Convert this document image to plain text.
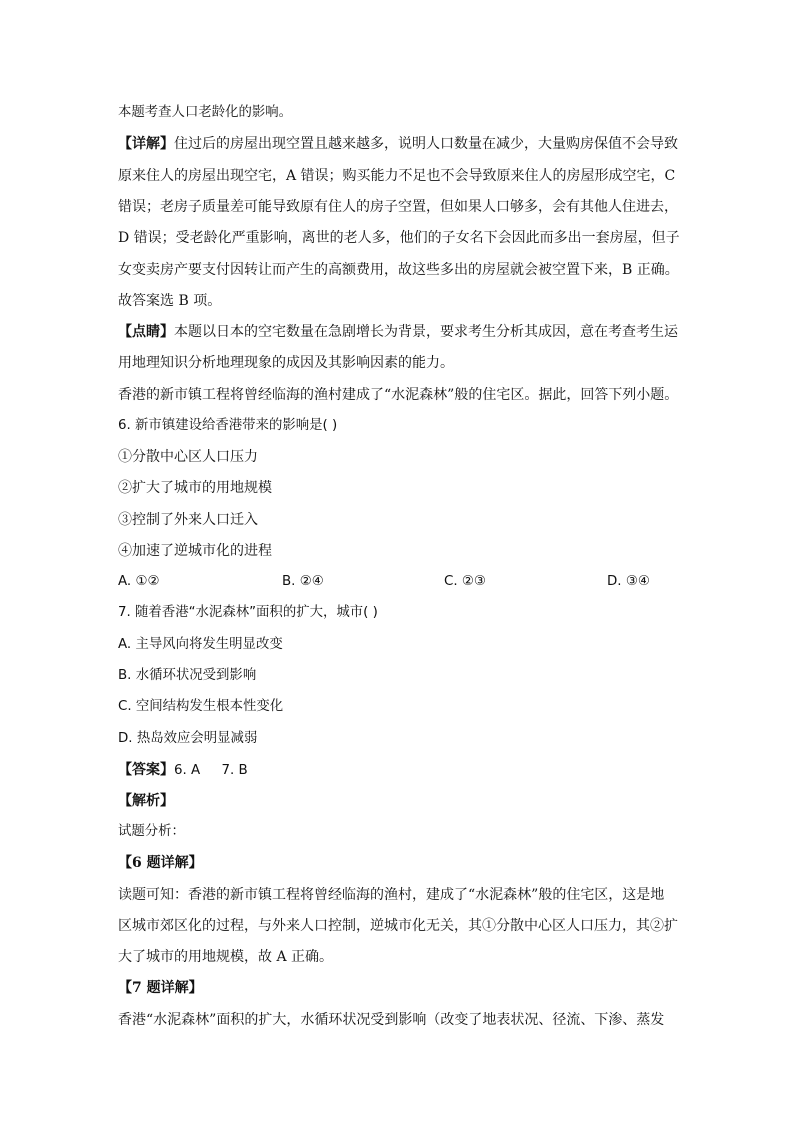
本题考查人口老龄化的影响。
【详解】住过后的房屋出现空置且越来越多，说明人口数量在减少，大量购房保值不会导致
原来住人的房屋出现空宅，A 错误；购买能力不足也不会导致原来住人的房屋形成空宅，C
错误；老房子质量差可能导致原有住人的房子空置，但如果人口够多，会有其他人住进去，
D 错误；受老龄化严重影响，离世的老人多，他们的子女名下会因此而多出一套房屋，但子
女变卖房产要支付因转让而产生的高额费用，故这些多出的房屋就会被空置下来，B 正确。
故答案选 B 项。
【点睛】本题以日本的空宅数量在急剧增长为背景，要求考生分析其成因，意在考查考生运
用地理知识分析地理现象的成因及其影响因素的能力。
香港的新市镇工程将曾经临海的渔村建成了“水泥森林”般的住宅区。据此，回答下列小题。
6. 新市镇建设给香港带来的影响是( )
①分散中心区人口压力
②扩大了城市的用地规模
③控制了外来人口迁入
④加速了逆城市化的进程
A. ①②	B. ②④	C. ②③	D. ③④
7. 随着香港“水泥森林”面积的扩大，城市( )
A. 主导风向将发生明显改变
B. 水循环状况受到影响
C. 空间结构发生根本性变化
D. 热岛效应会明显减弱
【答案】6. A     7. B
【解析】
试题分析：
【6 题详解】
读题可知：香港的新市镇工程将曾经临海的渔村，建成了“水泥森林”般的住宅区，这是地
区城市郊区化的过程，与外来人口控制，逆城市化无关，其①分散中心区人口压力，其②扩
大了城市的用地规模，故 A 正确。
【7 题详解】
香港“水泥森林”面积的扩大，水循环状况受到影响（改变了地表状况、径流、下渗、蒸发
